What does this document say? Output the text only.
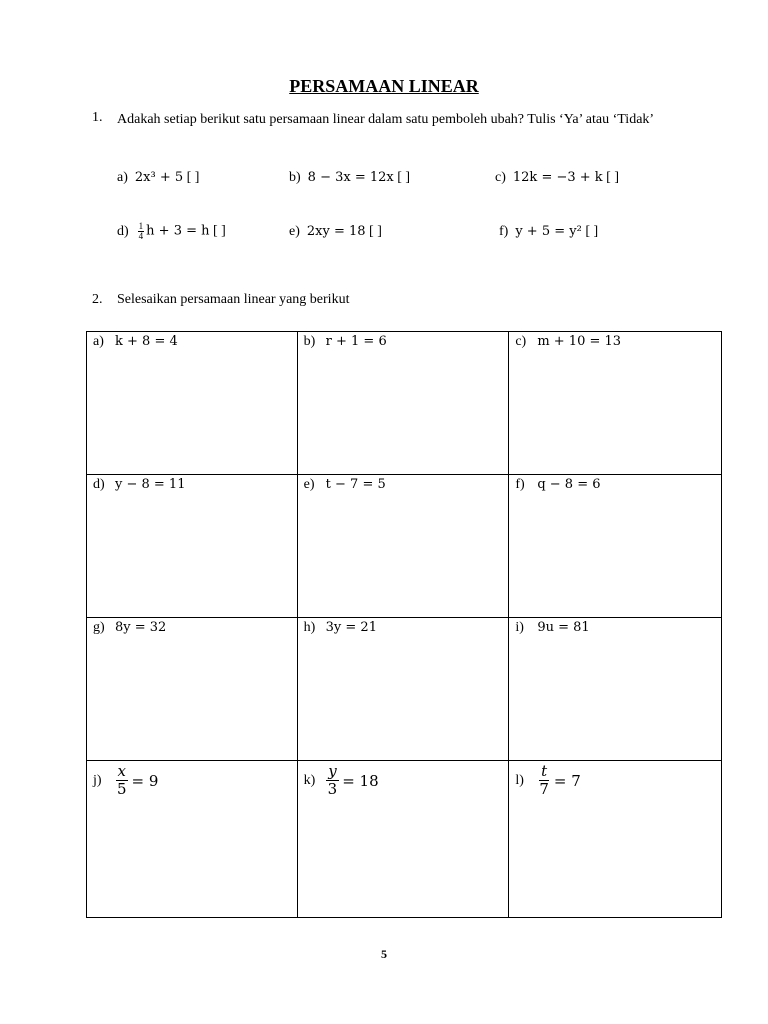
PERSAMAAN LINEAR
1. Adakah setiap berikut satu persamaan linear dalam satu pemboleh ubah? Tulis ‘Ya’ atau ‘Tidak’
a) 2x³ + 5 [ ]	b) 8 − 3x = 12x [ ]	c) 12k = −3 + k [ ]
$d) \frac{1}{4}$ h + 3 = h [ ]	e) 2xy = 18 [ ]	f) y + 5 = y² [ ]
2. Selesaikan persamaan linear yang berikut
a) k + 8 = 4	b) r + 1 = 6	c) m + 10 = 13
d) y − 8 = 11	e) t − 7 = 5	f) q − 8 = 6
g) 8y = 32	h) 3y = 21	i) 9u = 81
$j) \frac{x}{5} = 9$	$k) \frac{y}{3} = 18$	$l) \frac{t}{7} = 7$
5
